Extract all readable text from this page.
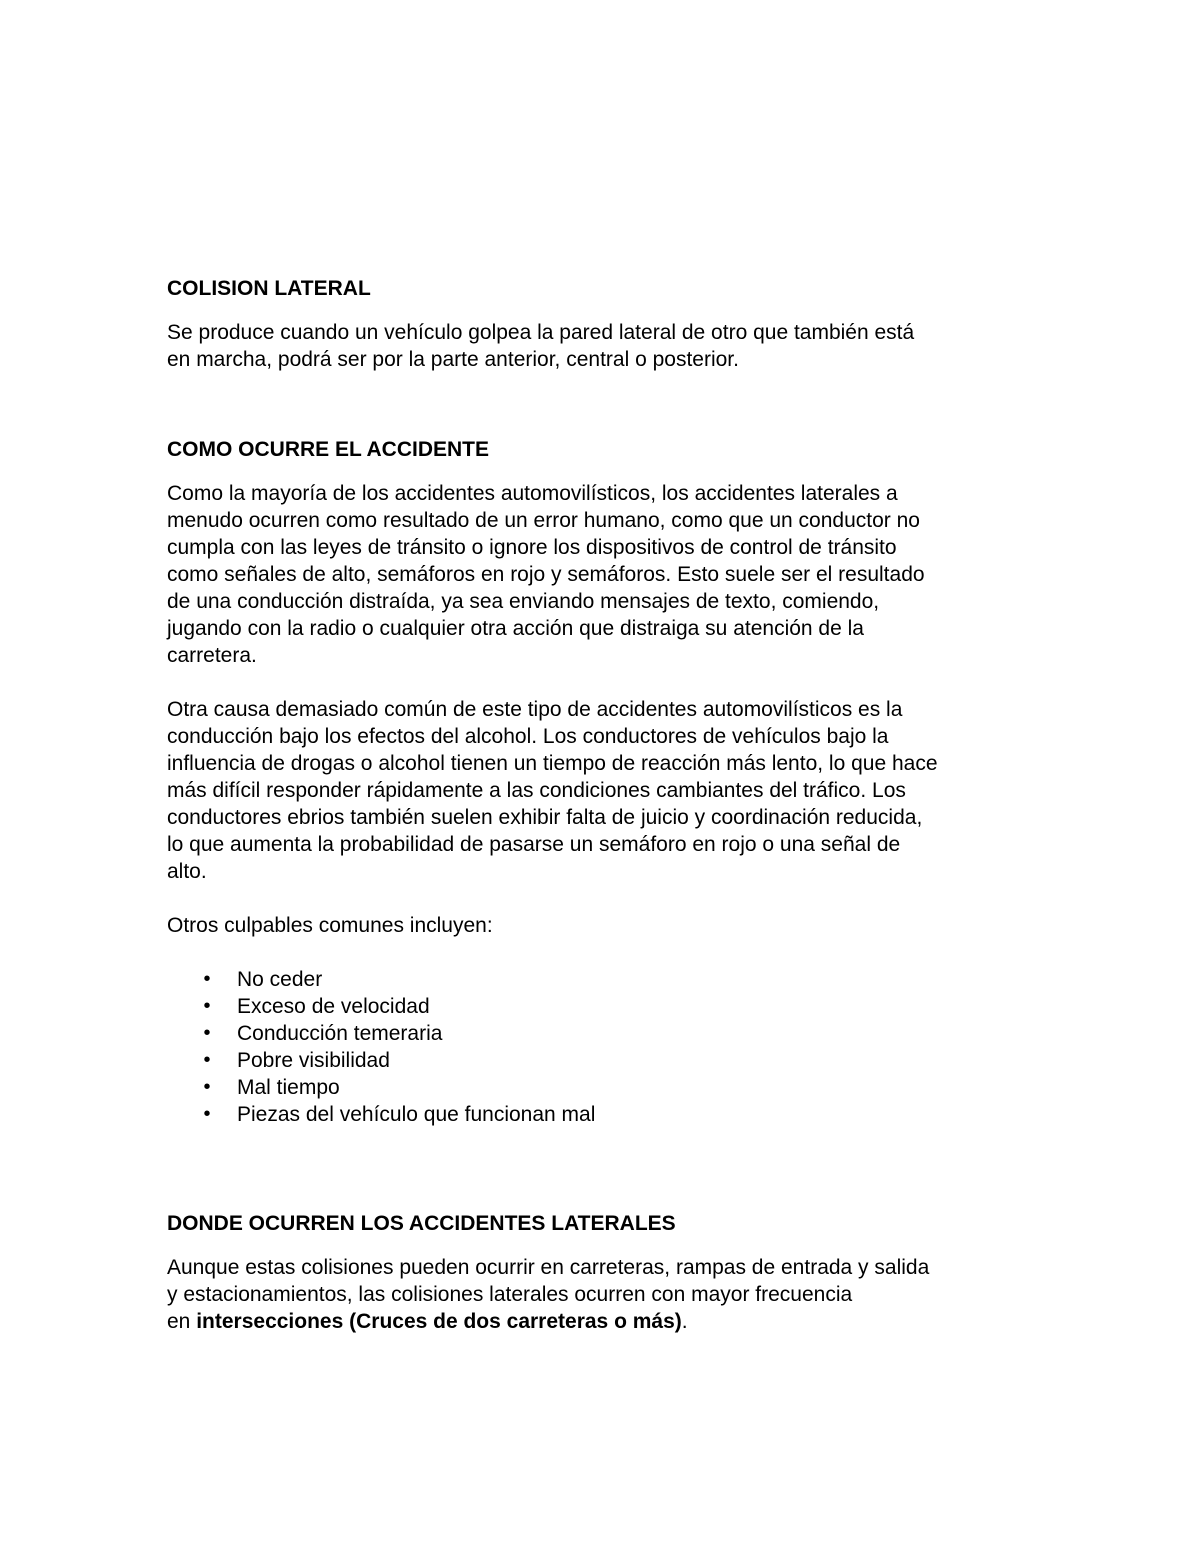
COLISION LATERAL

Se produce cuando un vehículo golpea la pared lateral de otro que también está
en marcha, podrá ser por la parte anterior, central o posterior.

COMO OCURRE EL ACCIDENTE

Como la mayoría de los accidentes automovilísticos, los accidentes laterales a
menudo ocurren como resultado de un error humano, como que un conductor no
cumpla con las leyes de tránsito o ignore los dispositivos de control de tránsito
como señales de alto, semáforos en rojo y semáforos. Esto suele ser el resultado
de una conducción distraída, ya sea enviando mensajes de texto, comiendo,
jugando con la radio o cualquier otra acción que distraiga su atención de la
carretera.

Otra causa demasiado común de este tipo de accidentes automovilísticos es la
conducción bajo los efectos del alcohol. Los conductores de vehículos bajo la
influencia de drogas o alcohol tienen un tiempo de reacción más lento, lo que hace
más difícil responder rápidamente a las condiciones cambiantes del tráfico. Los
conductores ebrios también suelen exhibir falta de juicio y coordinación reducida,
lo que aumenta la probabilidad de pasarse un semáforo en rojo o una señal de
alto.

Otros culpables comunes incluyen:

• No ceder
• Exceso de velocidad
• Conducción temeraria
• Pobre visibilidad
• Mal tiempo
• Piezas del vehículo que funcionan mal
DONDE OCURREN LOS ACCIDENTES LATERALES

Aunque estas colisiones pueden ocurrir en carreteras, rampas de entrada y salida
y estacionamientos, las colisiones laterales ocurren con mayor frecuencia
en intersecciones (Cruces de dos carreteras o más).
